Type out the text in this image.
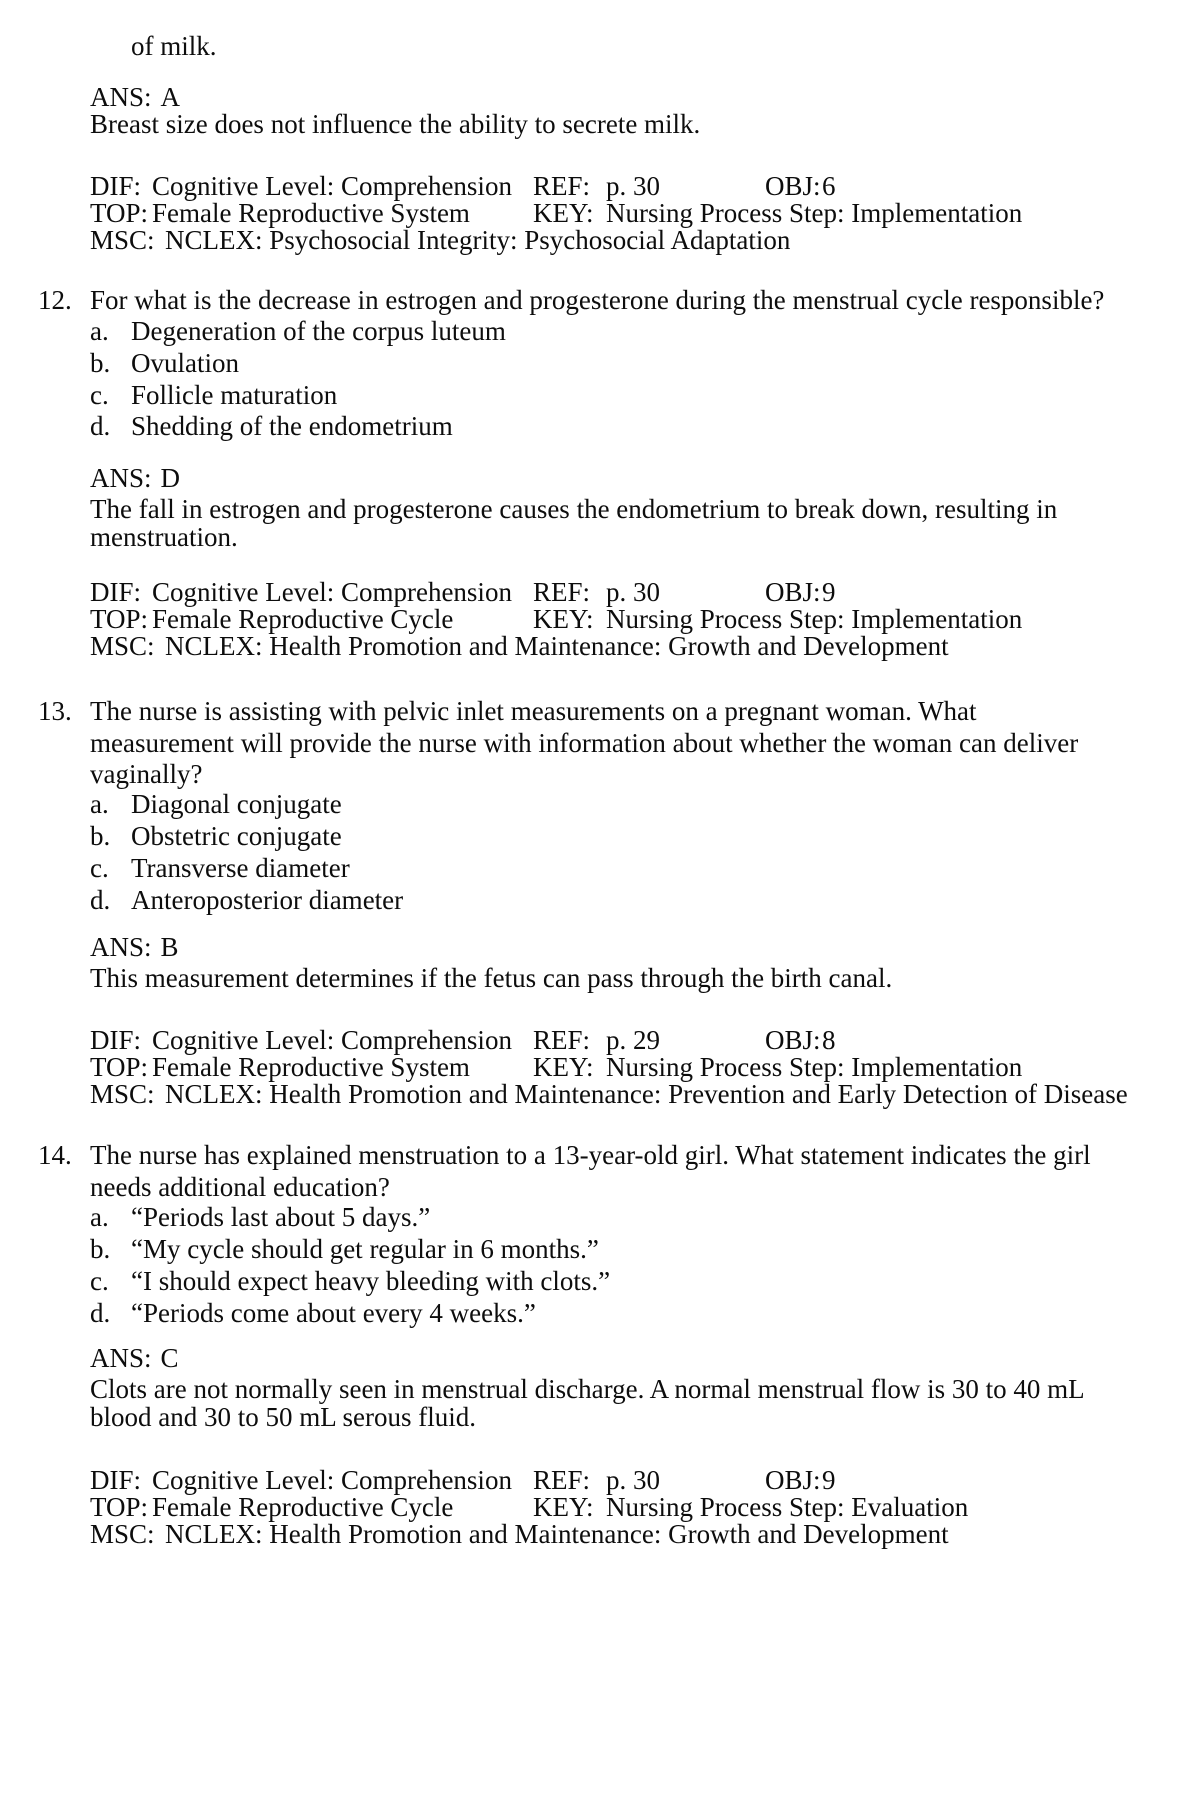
of milk.
ANS: A
Breast size does not influence the ability to secrete milk.
DIF: Cognitive Level: Comprehension REF: p. 30	OBJ: 6
TOP: Female Reproductive System KEY: Nursing Process Step: Implementation
MSC: NCLEX: Psychosocial Integrity: Psychosocial Adaptation
12. For what is the decrease in estrogen and progesterone during the menstrual cycle responsible?
a. Degeneration of the corpus luteum
b. Ovulation
c. Follicle maturation
d. Shedding of the endometrium
ANS: D
The fall in estrogen and progesterone causes the endometrium to break down, resulting in menstruation.
DIF: Cognitive Level: Comprehension REF: p. 30	OBJ: 9
TOP: Female Reproductive Cycle	KEY: Nursing Process Step: Implementation
MSC: NCLEX: Health Promotion and Maintenance: Growth and Development
13. The nurse is assisting with pelvic inlet measurements on a pregnant woman. What measurement will provide the nurse with information about whether the woman can deliver vaginally?
a. Diagonal conjugate
b. Obstetric conjugate
c. Transverse diameter
d. Anteroposterior diameter
ANS: B
This measurement determines if the fetus can pass through the birth canal.
DIF: Cognitive Level: Comprehension REF: p. 29	OBJ: 8
TOP: Female Reproductive System KEY: Nursing Process Step: Implementation
MSC: NCLEX: Health Promotion and Maintenance: Prevention and Early Detection of Disease
14. The nurse has explained menstruation to a 13-year-old girl. What statement indicates the girl needs additional education?
a. “Periods last about 5 days.”
b. “My cycle should get regular in 6 months.”
c. “I should expect heavy bleeding with clots.”
d. “Periods come about every 4 weeks.”
ANS: C
Clots are not normally seen in menstrual discharge. A normal menstrual flow is 30 to 40 mL blood and 30 to 50 mL serous fluid.
DIF: Cognitive Level: Comprehension REF: p. 30	OBJ: 9
TOP: Female Reproductive Cycle	KEY: Nursing Process Step: Evaluation
MSC: NCLEX: Health Promotion and Maintenance: Growth and Development
